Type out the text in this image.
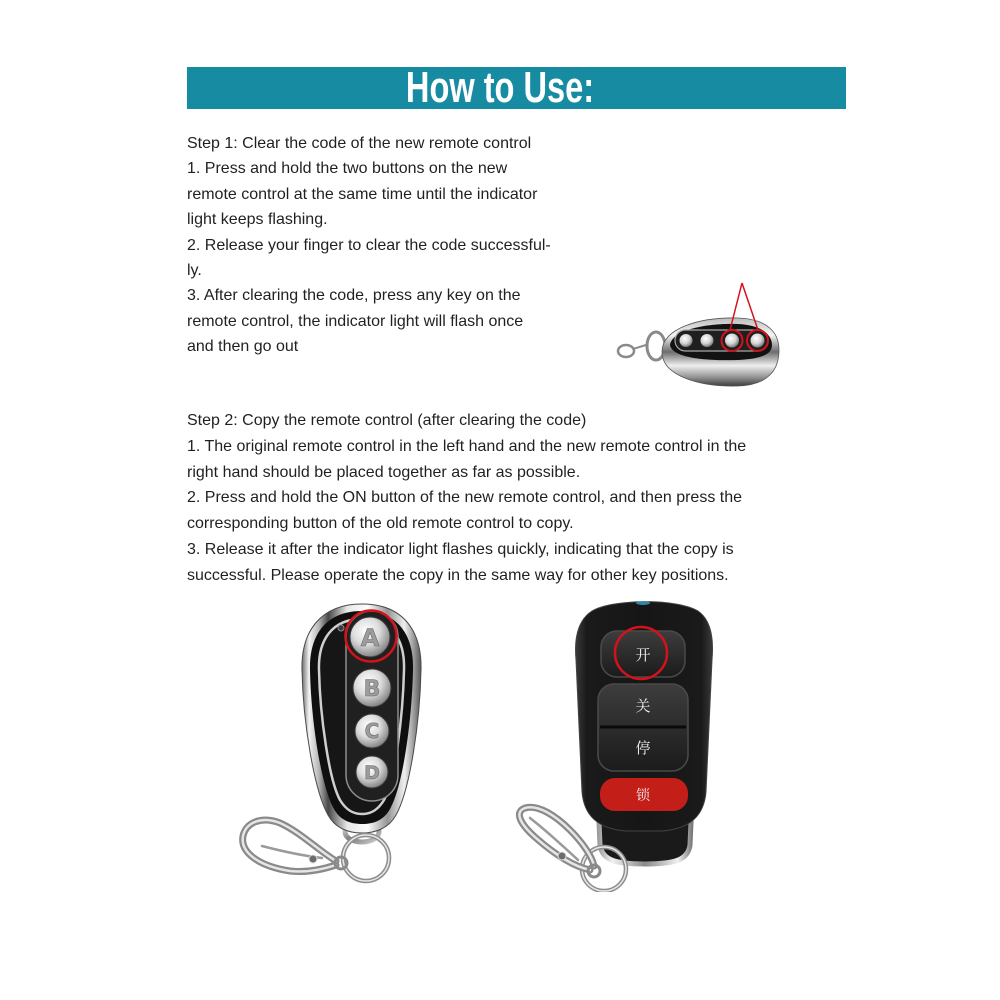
How to Use:
Step 1: Clear the code of the new remote control
1. Press and hold the two buttons on the new
remote control at the same time until the indicator
light keeps flashing.
2. Release your finger to clear the code successful-
ly.
3. After clearing the code, press any key on the
remote control, the indicator light will flash once
and then go out
Step 2: Copy the remote control (after clearing the code)
1. The original remote control in the left hand and the new remote control in the
right hand should be placed together as far as possible.
2. Press and hold the ON button of the new remote control, and then press the
corresponding button of the old remote control to copy.
3. Release it after the indicator light flashes quickly, indicating that the copy is
successful. Please operate the copy in the same way for other key positions.
A
B
C
D
开
关
停
锁
